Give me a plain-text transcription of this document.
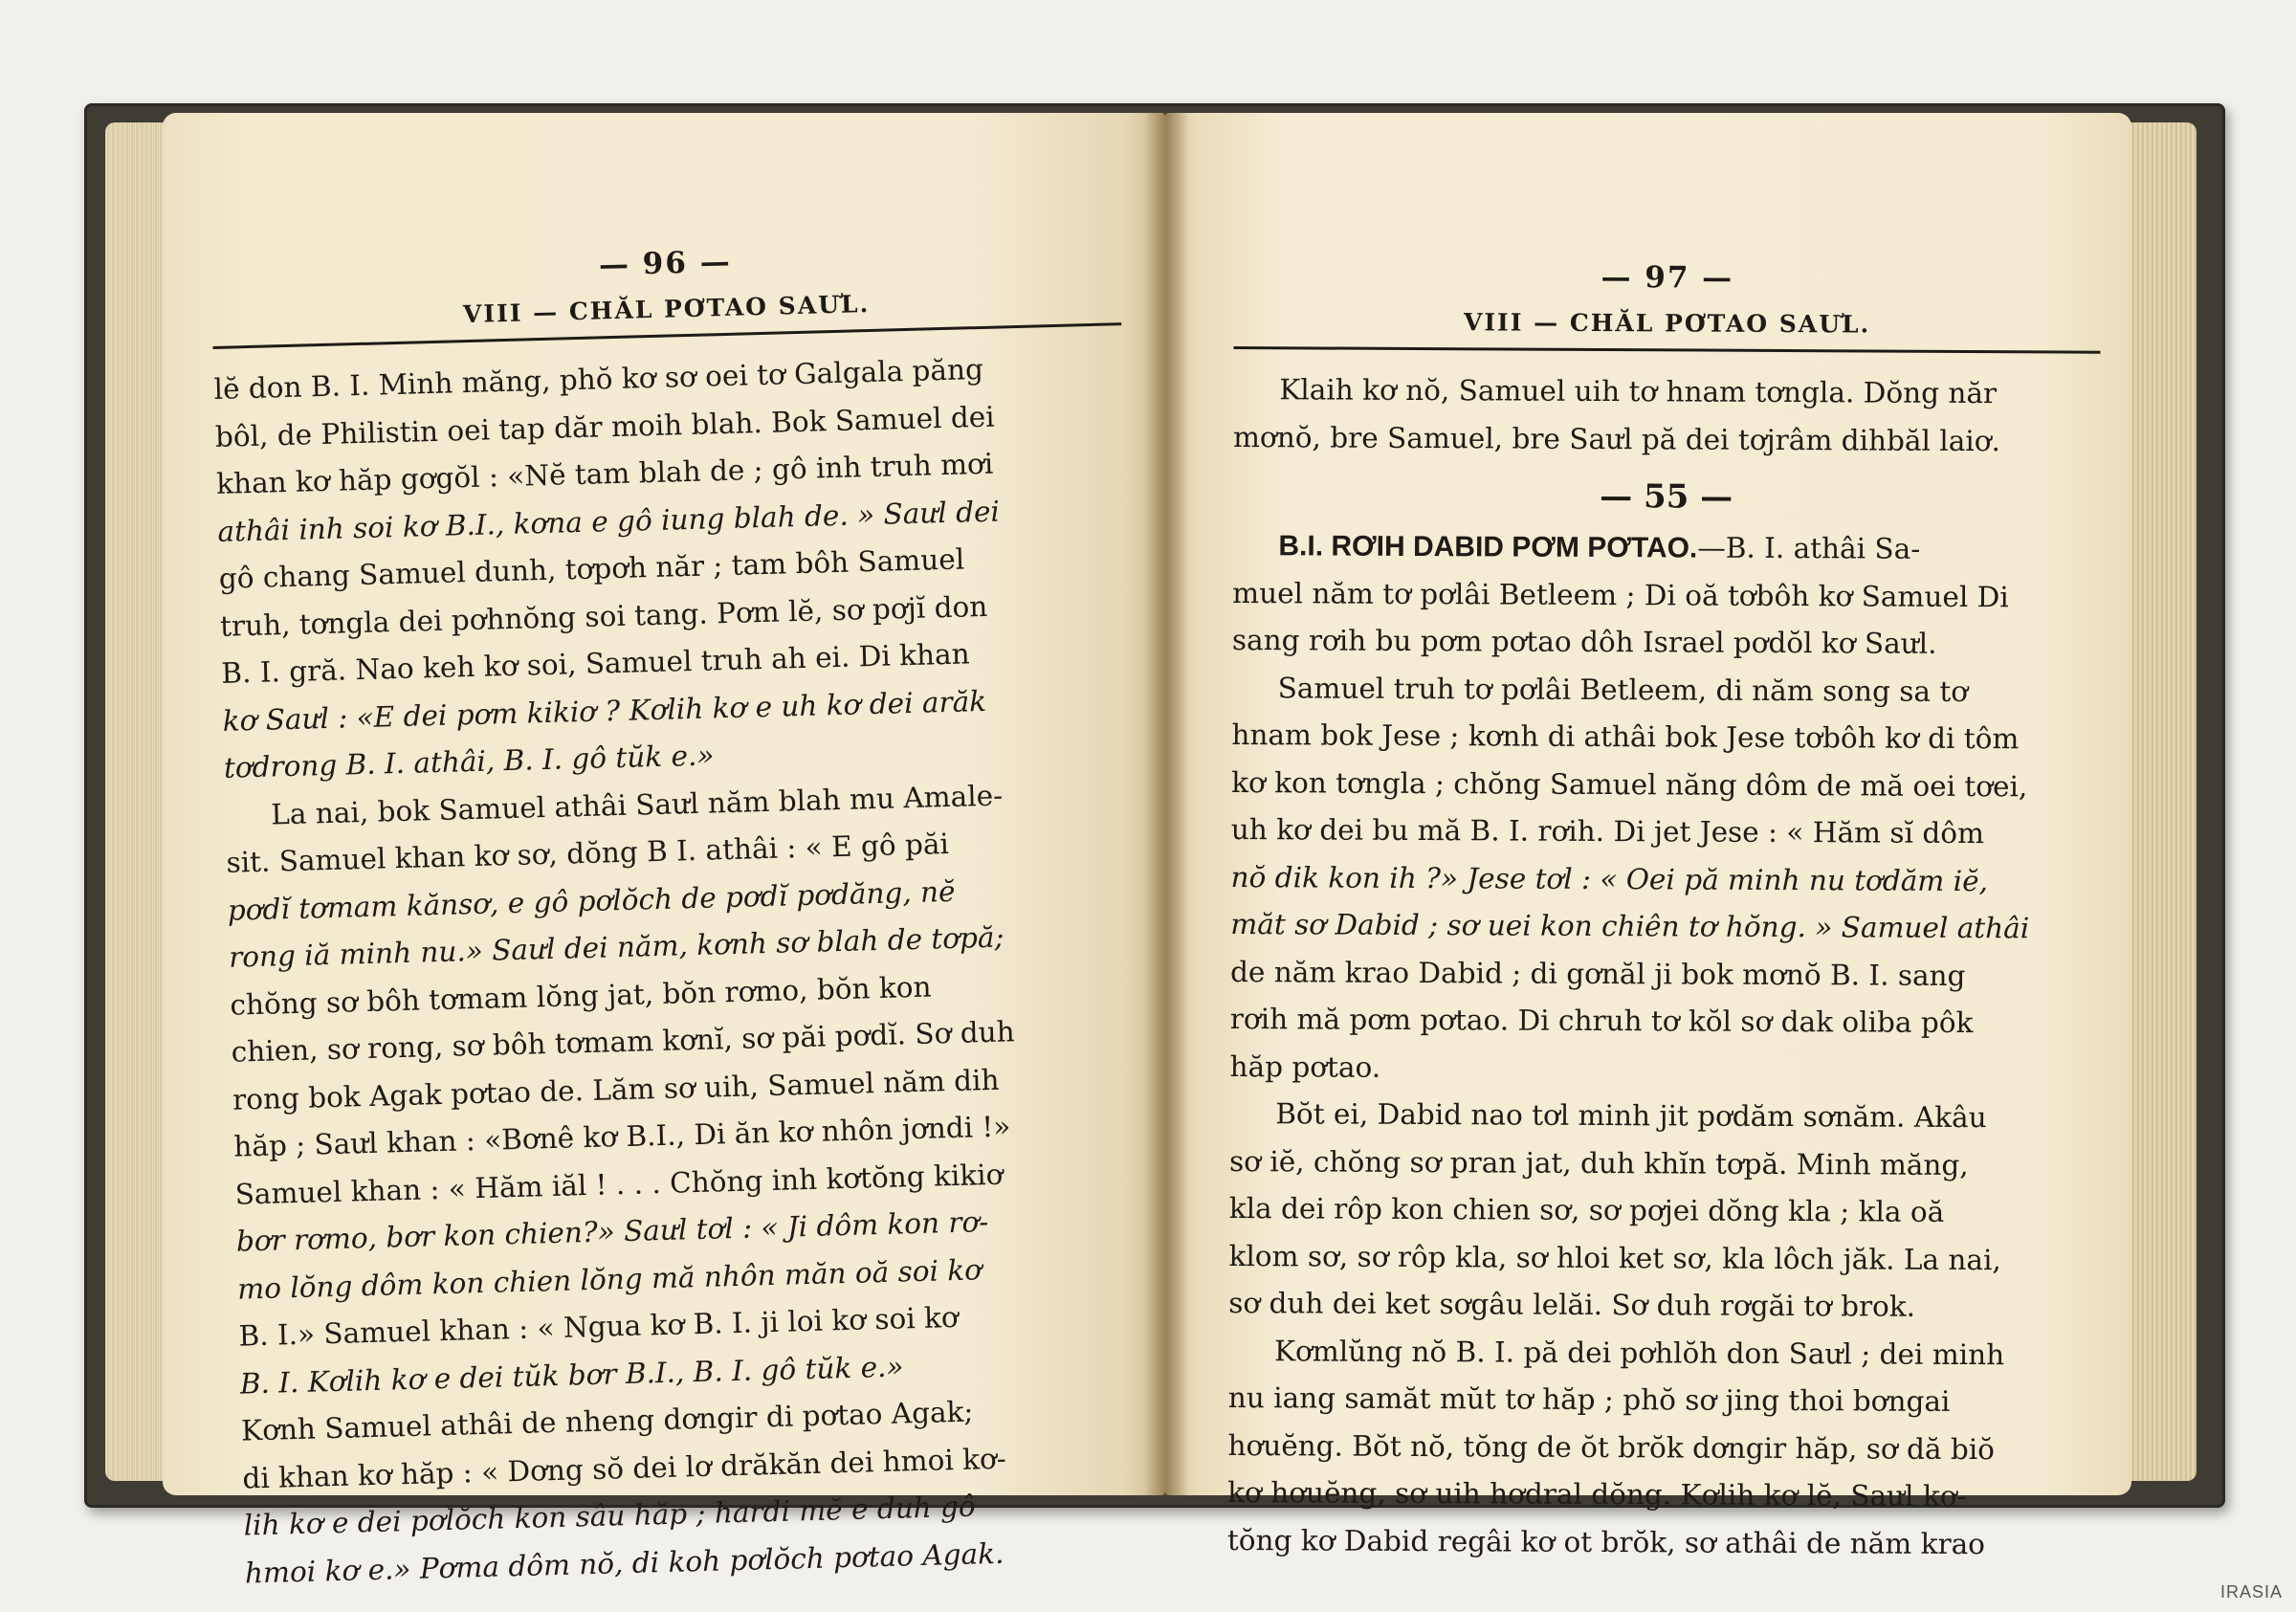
— 96 —
VIII — CHĂL PƠTAO SAƯL.
lĕ don B. I. Minh măng, phŏ kơ sơ oei tơ Galgala păng
bôl, de Philistin oei tap dăr moih blah. Bok Samuel dei
khan kơ hăp gơgŏl : «Nĕ tam blah de ; gô inh truh mơi
athâi inh soi kơ B.I., kơna e gô iung blah de. » Saưl dei
gô chang Samuel dunh, tơpơh năr ; tam bôh Samuel
truh, tơngla dei pơhnŏng soi tang. Pơm lĕ, sơ pơjĭ don
B. I. gră. Nao keh kơ soi, Samuel truh ah ei. Di khan
kơ Saưl : «E dei pơm kikiơ ? Kơlih kơ e uh kơ dei arăk
tơdrong B. I. athâi, B. I. gô tŭk e.»
La nai, bok Samuel athâi Saưl năm blah mu Amale-
sit. Samuel khan kơ sơ, dŏng B I. athâi : « E gô păi
pơdĭ tơmam kănsơ, e gô pơlŏch de pơdĭ pơdăng, nĕ
rong iă minh nu.» Saưl dei năm, kơnh sơ blah de tơpă;
chŏng sơ bôh tơmam lŏng jat, bŏn rơmo, bŏn kon
chien, sơ rong, sơ bôh tơmam kơnĭ, sơ păi pơdĭ. Sơ duh
rong bok Agak pơtao de. Lăm sơ uih, Samuel năm dih
hăp ; Saưl khan : «Bơnê kơ B.I., Di ăn kơ nhôn jơndi !»
Samuel khan : « Hăm iăl ! . . . Chŏng inh kơtŏng kikiơ
bơr rơmo, bơr kon chien?» Saưl tơl : « Ji dôm kon rơ-
mo lŏng dôm kon chien lŏng mă nhôn măn oă soi kơ
B. I.» Samuel khan : « Ngua kơ B. I. ji loi kơ soi kơ
B. I. Kơlih kơ e dei tŭk bơr B.I., B. I. gô tŭk e.»
Kơnh Samuel athâi de nheng dơngir di pơtao Agak;
di khan kơ hăp : « Dơng sŏ dei lơ drăkăn dei hmoi kơ-
lih kơ e dei pơlŏch kon sâu hăp ; hardi mĕ e duh gô
hmoi kơ e.» Pơma dôm nŏ, di koh pơlŏch pơtao Agak.
— 97 —
VIII — CHĂL PƠTAO SAƯL.
Klaih kơ nŏ, Samuel uih tơ hnam tơngla. Dŏng năr
mơnŏ, bre Samuel, bre Saưl pă dei tơjrâm dihbăl laiơ.
— 55 —
B.I. RƠIH DABID PƠM PƠTAO.—B. I. athâi Sa-
muel năm tơ pơlâi Betleem ; Di oă tơbôh kơ Samuel Di
sang rơih bu pơm pơtao dôh Israel pơdŏl kơ Saưl.
Samuel truh tơ pơlâi Betleem, di năm song sa tơ
hnam bok Jese ; kơnh di athâi bok Jese tơbôh kơ di tôm
kơ kon tơngla ; chŏng Samuel năng dôm de mă oei tơei,
uh kơ dei bu mă B. I. rơih. Di jet Jese : « Hăm sĭ dôm
nŏ dik kon ih ?» Jese tơl : « Oei pă minh nu tơdăm iĕ,
măt sơ Dabid ; sơ uei kon chiên tơ hŏng. » Samuel athâi
de năm krao Dabid ; di gơnăl ji bok mơnŏ B. I. sang
rơih mă pơm pơtao. Di chruh tơ kŏl sơ dak oliba pôk
hăp pơtao.
Bŏt ei, Dabid nao tơl minh jit pơdăm sơnăm. Akâu
sơ iĕ, chŏng sơ pran jat, duh khĭn tơpă. Minh măng,
kla dei rôp kon chien sơ, sơ pơjei dŏng kla ; kla oă
klom sơ, sơ rôp kla, sơ hloi ket sơ, kla lôch jăk. La nai,
sơ duh dei ket sơgâu lelăi. Sơ duh rơgăi tơ brok.
Kơmlŭng nŏ B. I. pă dei pơhlŏh don Saưl ; dei minh
nu iang samăt mŭt tơ hăp ; phŏ sơ jing thoi bơngai
hơuĕng. Bŏt nŏ, tŏng de ŏt brŏk dơngir hăp, sơ dă biŏ
kơ hơuĕng, sơ uih hơdral dŏng. Kơlih kơ lĕ, Saưl kơ-
tŏng kơ Dabid regâi kơ ot brŏk, sơ athâi de năm krao
IRASIA
